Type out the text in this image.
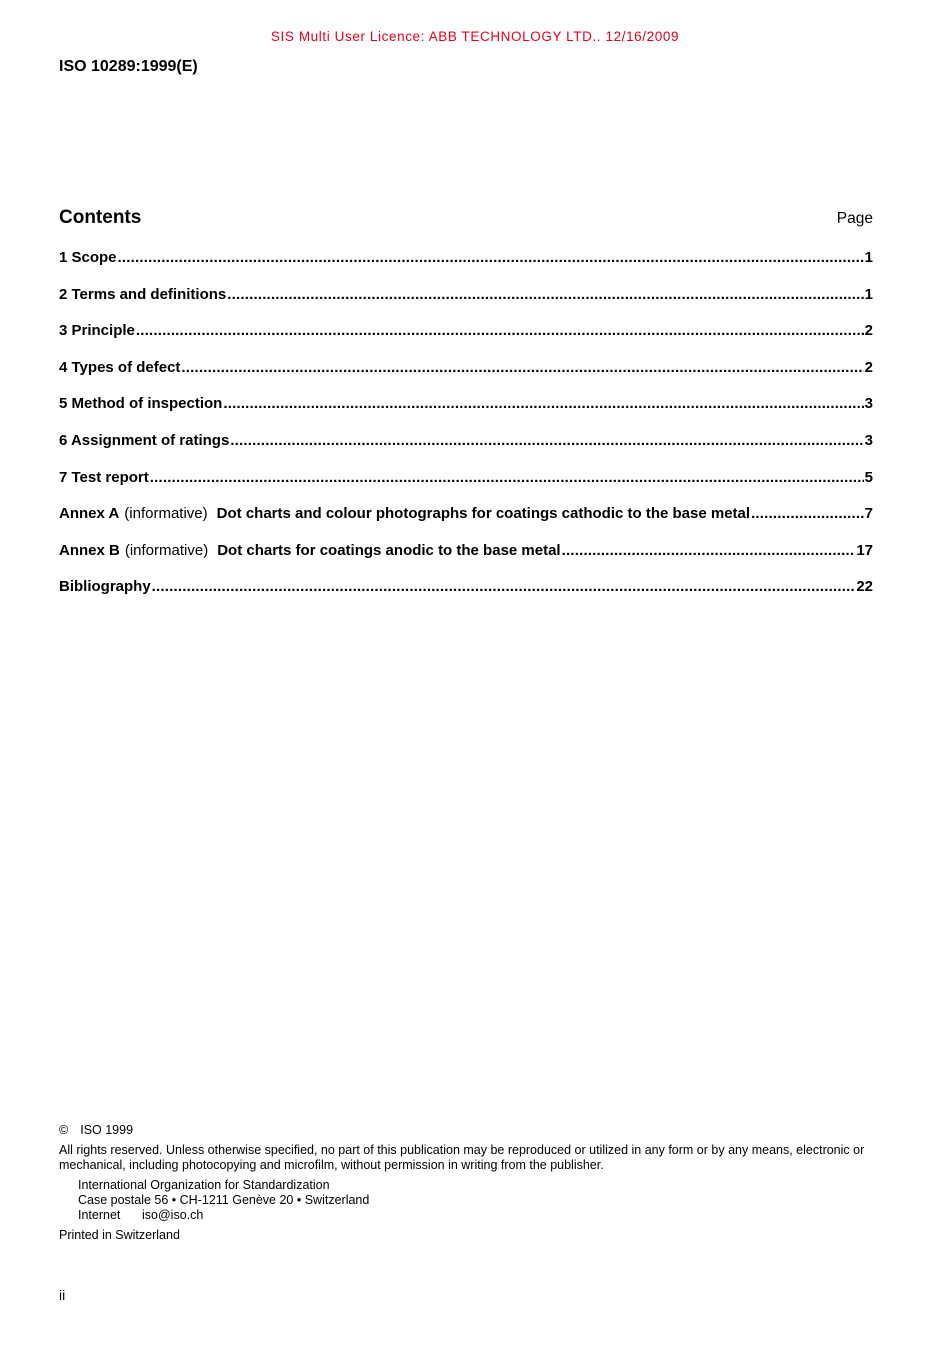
SIS Multi User Licence: ABB TECHNOLOGY LTD.. 12/16/2009
ISO 10289:1999(E)
Contents	Page
1 Scope .....	1
2 Terms and definitions .....	1
3 Principle .....	2
4 Types of defect .....	2
5 Method of inspection .....	3
6 Assignment of ratings .....	3
7 Test report .....	5
Annex A (informative) Dot charts and colour photographs for coatings cathodic to the base metal .....	7
Annex B (informative) Dot charts for coatings anodic to the base metal .....	17
Bibliography .....	22

© ISO 1999

All rights reserved. Unless otherwise specified, no part of this publication may be reproduced or utilized in any form or by any means, electronic or mechanical, including photocopying and microfilm, without permission in writing from the publisher.

International Organization for Standardization

Case postale 56 • CH-1211 Genève 20 • Switzerland

Internet iso@iso.ch

Printed in Switzerland

ii
